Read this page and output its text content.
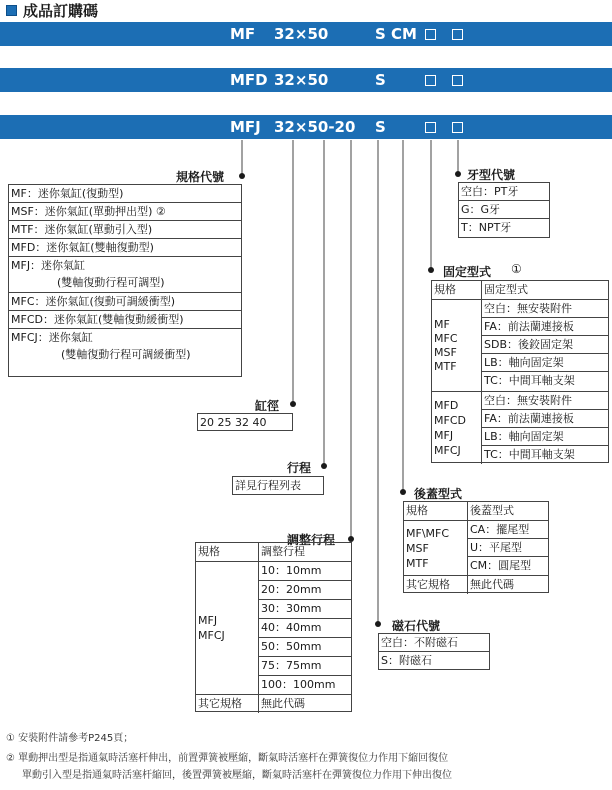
成品訂購碼
MF 32×50	S CM
MFD 32×50	S
MFJ 32×50-20 S
規格代號
MF：迷你氣缸(復動型)
MSF：迷你氣缸(單動押出型) ②
MTF：迷你氣缸(單動引入型)
MFD：迷你氣缸(雙軸復動型)
MFJ：迷你氣缸
(雙軸復動行程可調型)
MFC：迷你氣缸(復動可調緩衝型)
MFCD：迷你氣缸(雙軸復動緩衝型)
MFCJ：迷你氣缸
(雙軸復動行程可調緩衝型)
缸徑
20 25 32 40
行程
詳見行程列表
調整行程
規格	調整行程
MFJ
MFCJ
10：10mm
20：20mm
30：30mm
40：40mm
50：50mm
75：75mm
100：100mm
其它規格	無此代碼
磁石代號
空白：不附磁石
S：附磁石
牙型代號
空白：PT牙
G：G牙
T：NPT牙
固定型式 ①
規格	固定型式
MF
MFC
MSF
MTF
空白：無安裝附件
FA：前法蘭連接板
SDB：後鉸固定架
LB：軸向固定架
TC：中間耳軸支架
MFD
MFCD
MFJ
MFCJ
空白：無安裝附件
FA：前法蘭連接板
LB：軸向固定架
TC：中間耳軸支架
後蓋型式
規格	後蓋型式
MF\MFC
MSF
MTF
CA：擺尾型
U：平尾型
CM：圓尾型
其它規格	無此代碼
① 安裝附件請參考P245頁；
② 單動押出型是指通氣時活塞杆伸出，前置彈簧被壓縮，斷氣時活塞杆在彈簧復位力作用下縮回復位
單動引入型是指通氣時活塞杆縮回，後置彈簧被壓縮，斷氣時活塞杆在彈簧復位力作用下伸出復位
